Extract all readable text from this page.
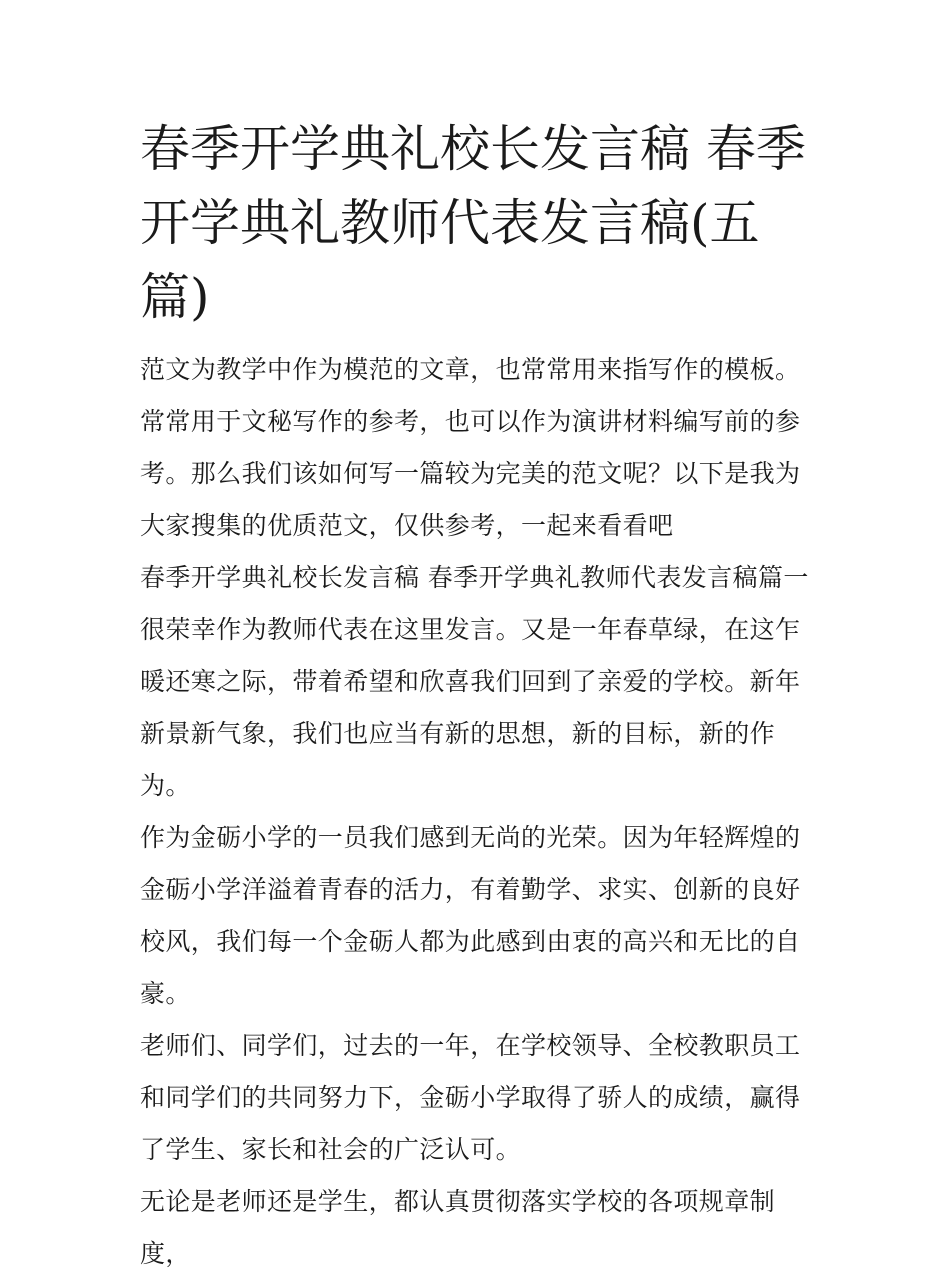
春季开学典礼校长发言稿 春季开学典礼教师代表发言稿(五篇)

范文为教学中作为模范的文章，也常常用来指写作的模板。常常用于文秘写作的参考，也可以作为演讲材料编写前的参考。那么我们该如何写一篇较为完美的范文呢？以下是我为大家搜集的优质范文，仅供参考，一起来看看吧

春季开学典礼校长发言稿 春季开学典礼教师代表发言稿篇一

很荣幸作为教师代表在这里发言。又是一年春草绿，在这乍暖还寒之际，带着希望和欣喜我们回到了亲爱的学校。新年新景新气象，我们也应当有新的思想，新的目标，新的作为。

作为金砺小学的一员我们感到无尚的光荣。因为年轻辉煌的金砺小学洋溢着青春的活力，有着勤学、求实、创新的良好校风，我们每一个金砺人都为此感到由衷的高兴和无比的自豪。

老师们、同学们，过去的一年，在学校领导、全校教职员工和同学们的共同努力下，金砺小学取得了骄人的成绩，赢得了学生、家长和社会的广泛认可。

无论是老师还是学生，都认真贯彻落实学校的各项规章制度，
